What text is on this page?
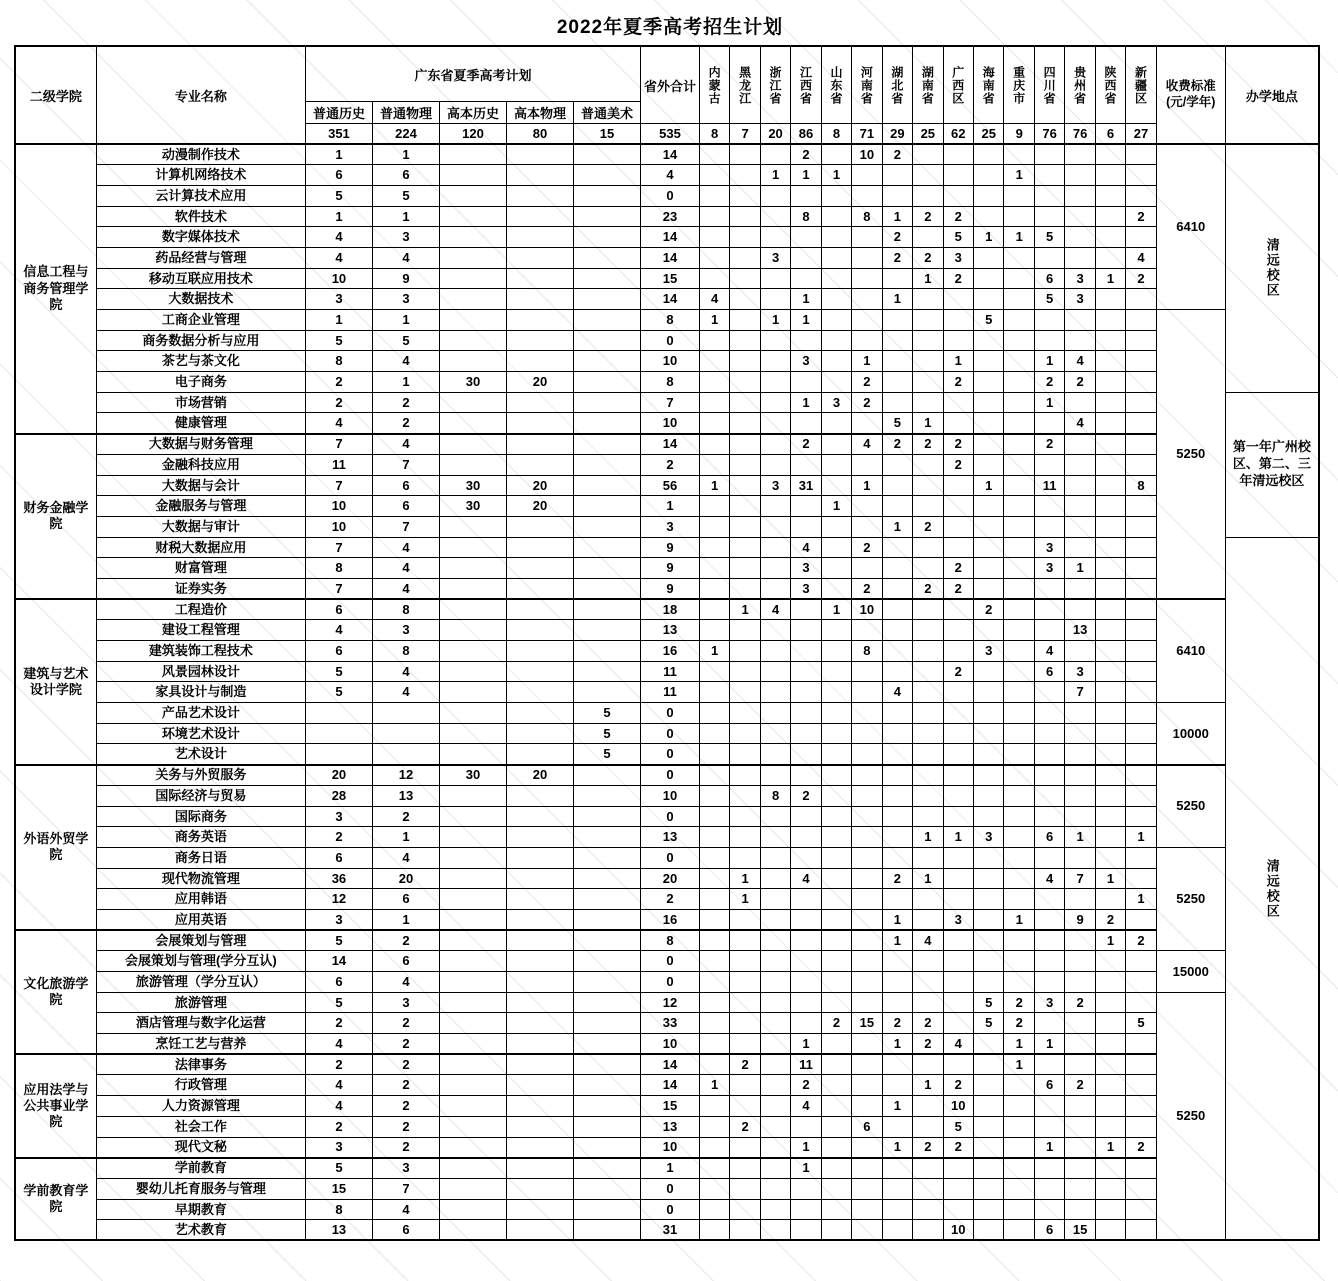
2022年夏季高考招生计划
二级学院	专业名称	广东省夏季高考计划					省外合计	内蒙古	黑龙江	浙江省	江西省	山东省	河南省	湖北省	湖南省	广西区	海南省	重庆市	四川省	贵州省	陕西省	新疆区	收费标准(元/学年)	办学地点
		普通历史	普通物理	高本历史	高本物理	普通美术																		
		351	224	120	80	15	535	8	7	20	86	8	71	29	25	62	25	9	76	76	6	27		
信息工程与商务管理学院	动漫制作技术	1	1				14				2		10	2									6410	清远校区
	计算机网络技术	6	6				4			1	1	1						1						
	云计算技术应用	5	5				0																	
	软件技术	1	1				23				8		8	1	2	2						2		
	数字媒体技术	4	3				14							2		5	1	1	5					
	药品经营与管理	4	4				14			3				2	2	3						4		
	移动互联应用技术	10	9				15								1	2			6	3	1	2		
	大数据技术	3	3				14	4			1			1					5	3				
	工商企业管理	1	1				8	1		1	1						5						5250	
	商务数据分析与应用	5	5				0																	
	茶艺与茶文化	8	4				10				3		1			1			1	4				
	电子商务	2	1	30	20		8						2			2			2	2				
	市场营销	2	2				7				1	3	2						1					第一年广州校区、第二、三年清远校区
	健康管理	4	2				10							5	1					4				
财务金融学院	大数据与财务管理	7	4				14				2		4	2	2	2			2					
	金融科技应用	11	7				2									2								
	大数据与会计	7	6	30	20		56	1		3	31		1				1		11			8		
	金融服务与管理	10	6	30	20		1					1												
	大数据与审计	10	7				3							1	2									
	财税大数据应用	7	4				9				4		2						3					清远校区
	财富管理	8	4				9				3					2			3	1				
	证券实务	7	4				9				3		2		2	2								
建筑与艺术设计学院	工程造价	6	8				18		1	4		1	10				2						6410	
	建设工程管理	4	3				13													13				
	建筑装饰工程技术	6	8				16	1					8				3		4					
	风景园林设计	5	4				11									2			6	3				
	家具设计与制造	5	4				11							4						7				
	产品艺术设计					5	0																10000	
	环境艺术设计					5	0																	
	艺术设计					5	0																	
外语外贸学院	关务与外贸服务	20	12	30	20		0																5250	
	国际经济与贸易	28	13				10			8	2													
	国际商务	3	2				0																	
	商务英语	2	1				13								1	1	3		6	1		1		
	商务日语	6	4				0																5250	
	现代物流管理	36	20				20		1		4			2	1				4	7	1			
	应用韩语	12	6				2		1													1		
	应用英语	3	1				16							1		3		1		9	2			
文化旅游学院	会展策划与管理	5	2				8							1	4						1	2		
	会展策划与管理(学分互认)	14	6				0																15000	
	旅游管理（学分互认）	6	4				0																	
	旅游管理	5	3				12										5	2	3	2			5250	
	酒店管理与数字化运营	2	2				33					2	15	2	2		5	2				5		
	烹饪工艺与营养	4	2				10				1			1	2	4		1	1					
应用法学与公共事业学院	法律事务	2	2				14		2		11							1						
	行政管理	4	2				14	1			2				1	2			6	2				
	人力资源管理	4	2				15				4			1		10								
	社会工作	2	2				13		2				6			5								
	现代文秘	3	2				10				1			1	2	2			1		1	2		
学前教育学院	学前教育	5	3				1				1													
	婴幼儿托育服务与管理	15	7				0																	
	早期教育	8	4				0																	
	艺术教育	13	6				31									10			6	15				
